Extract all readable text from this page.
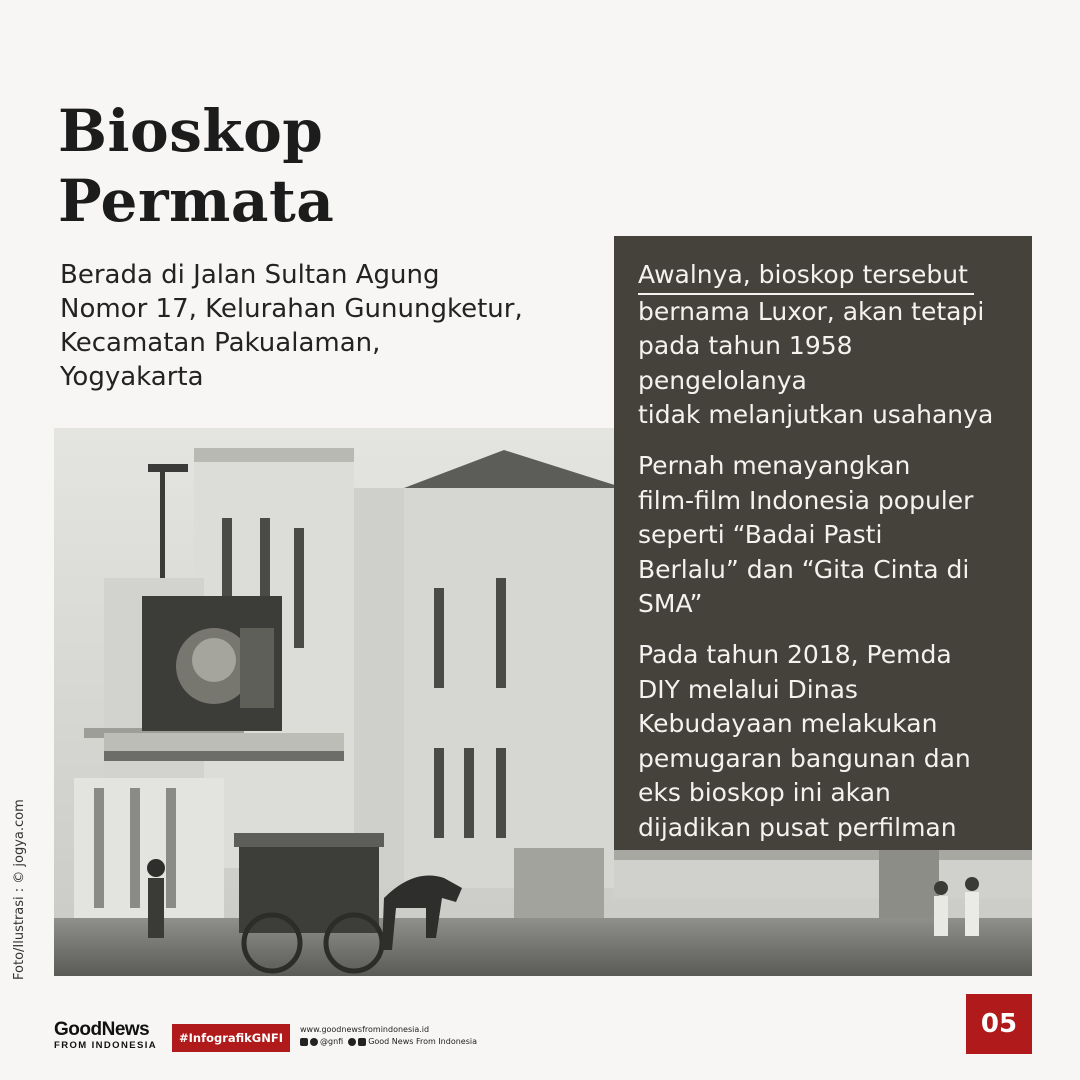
Bioskop
Permata

Berada di Jalan Sultan Agung
Nomor 17, Kelurahan Gunungketur,
Kecamatan Pakualaman,
Yogyakarta

Awalnya, bioskop tersebut
bernama Luxor, akan tetapi
pada tahun 1958 pengelolanya
tidak melanjutkan usahanya

Pernah menayangkan
film-film Indonesia populer
seperti “Badai Pasti
Berlalu” dan “Gita Cinta di
SMA”

Pada tahun 2018, Pemda
DIY melalui Dinas
Kebudayaan melakukan
pemugaran bangunan dan
eks bioskop ini akan
dijadikan pusat perfilman

Foto/Ilustrasi : © jogya.com
05
GoodNews
FROM INDONESIA
#InfografikGNFI
www.goodnewsfromindonesia.id
@gnfi	Good News From Indonesia
